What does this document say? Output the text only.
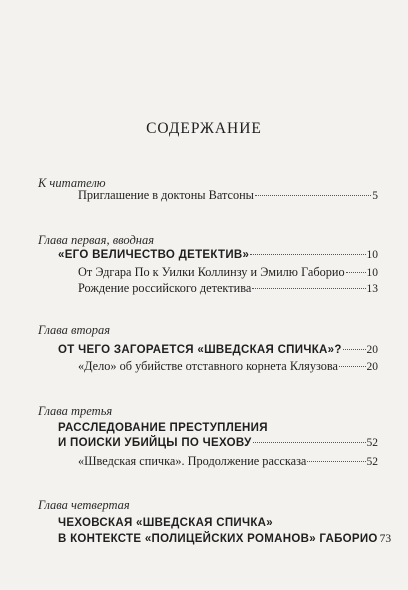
СОДЕРЖАНИЕ
К читателю
Приглашение в доктоны Ватсоны	5
Глава первая, вводная
«ЕГО ВЕЛИЧЕСТВО ДЕТЕКТИВ»	10
От Эдгара По к Уилки Коллинзу и Эмилю Габорио 10
Рождение российского детектива	13
Глава вторая
ОТ ЧЕГО ЗАГОРАЕТСЯ «ШВЕДСКАЯ СПИЧКА»? 20
«Дело» об убийстве отставного корнета Кляузова 20
Глава третья
РАССЛЕДОВАНИЕ ПРЕСТУПЛЕНИЯ
И ПОИСКИ УБИЙЦЫ ПО ЧЕХОВУ	52
«Шведская спичка». Продолжение рассказа	52
Глава четвертая
ЧЕХОВСКАЯ «ШВЕДСКАЯ СПИЧКА»
В КОНТЕКСТЕ «ПОЛИЦЕЙСКИХ РОМАНОВ» ГАБОРИО 73
